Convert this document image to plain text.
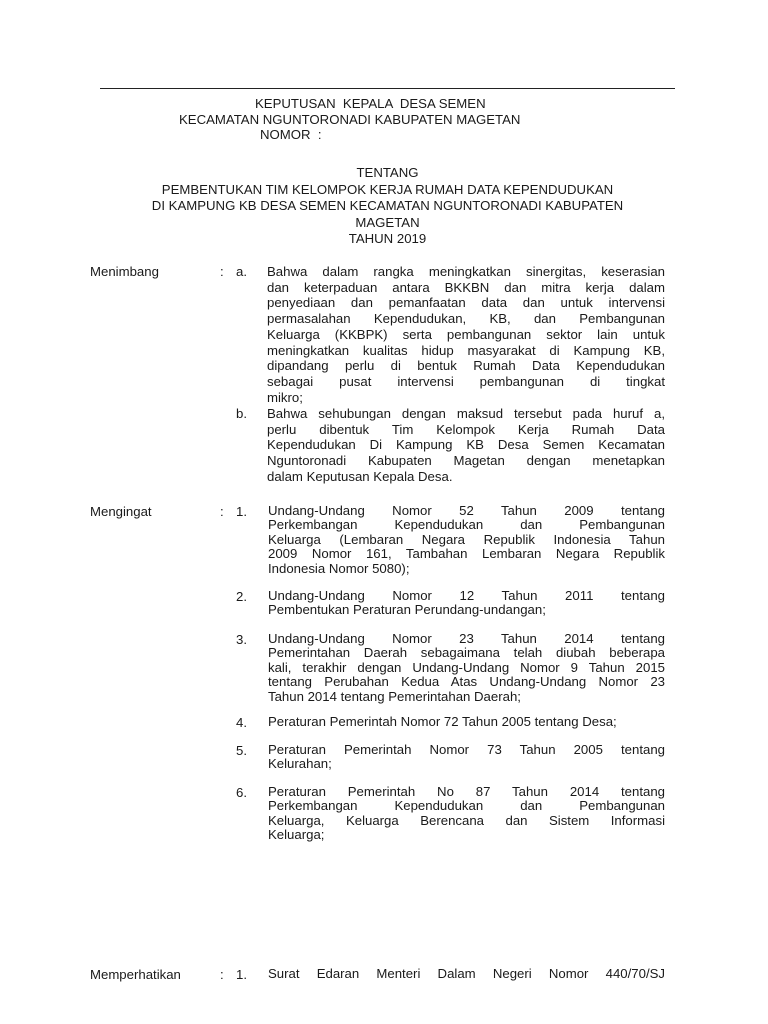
KEPUTUSAN  KEPALA  DESA SEMEN
KECAMATAN NGUNTORONADI KABUPATEN MAGETAN
NOMOR  :
TENTANG
PEMBENTUKAN TIM KELOMPOK KERJA RUMAH DATA KEPENDUDUKAN
DI KAMPUNG KB DESA SEMEN KECAMATAN NGUNTORONADI KABUPATEN
MAGETAN
TAHUN 2019
Menimbang	: a. Bahwa dalam rangka meningkatkan sinergitas, keserasian
dan keterpaduan antara BKKBN dan mitra kerja dalam
penyediaan dan pemanfaatan data dan untuk intervensi
permasalahan Kependudukan, KB, dan Pembangunan
Keluarga (KKBPK) serta pembangunan sektor lain untuk
meningkatkan kualitas hidup masyarakat di Kampung KB,
dipandang perlu di bentuk Rumah Data Kependudukan
sebagai pusat intervensi pembangunan di tingkat
mikro;
b. Bahwa sehubungan dengan maksud tersebut pada huruf a,
perlu dibentuk Tim Kelompok Kerja Rumah Data
Kependudukan Di Kampung KB Desa Semen Kecamatan
Nguntoronadi Kabupaten Magetan dengan menetapkan
dalam Keputusan Kepala Desa.
Mengingat	: 1. Undang-Undang Nomor 52 Tahun 2009 tentang
Perkembangan Kependudukan dan Pembangunan
Keluarga (Lembaran Negara Republik Indonesia Tahun
2009 Nomor 161, Tambahan Lembaran Negara Republik
Indonesia Nomor 5080);
2. Undang-Undang Nomor 12 Tahun 2011 tentang
Pembentukan Peraturan Perundang-undangan;
3. Undang-Undang Nomor 23 Tahun 2014 tentang
Pemerintahan Daerah sebagaimana telah diubah beberapa
kali, terakhir dengan Undang-Undang Nomor 9 Tahun 2015
tentang Perubahan Kedua Atas Undang-Undang Nomor 23
Tahun 2014 tentang Pemerintahan Daerah;
4. Peraturan Pemerintah Nomor 72 Tahun 2005 tentang Desa;
5. Peraturan Pemerintah Nomor 73 Tahun 2005 tentang
Kelurahan;
6. Peraturan Pemerintah No 87 Tahun 2014 tentang
Perkembangan Kependudukan dan Pembangunan
Keluarga, Keluarga Berencana dan Sistem Informasi
Keluarga;
Memperhatikan	: 1. Surat Edaran Menteri Dalam Negeri Nomor 440/70/SJ
